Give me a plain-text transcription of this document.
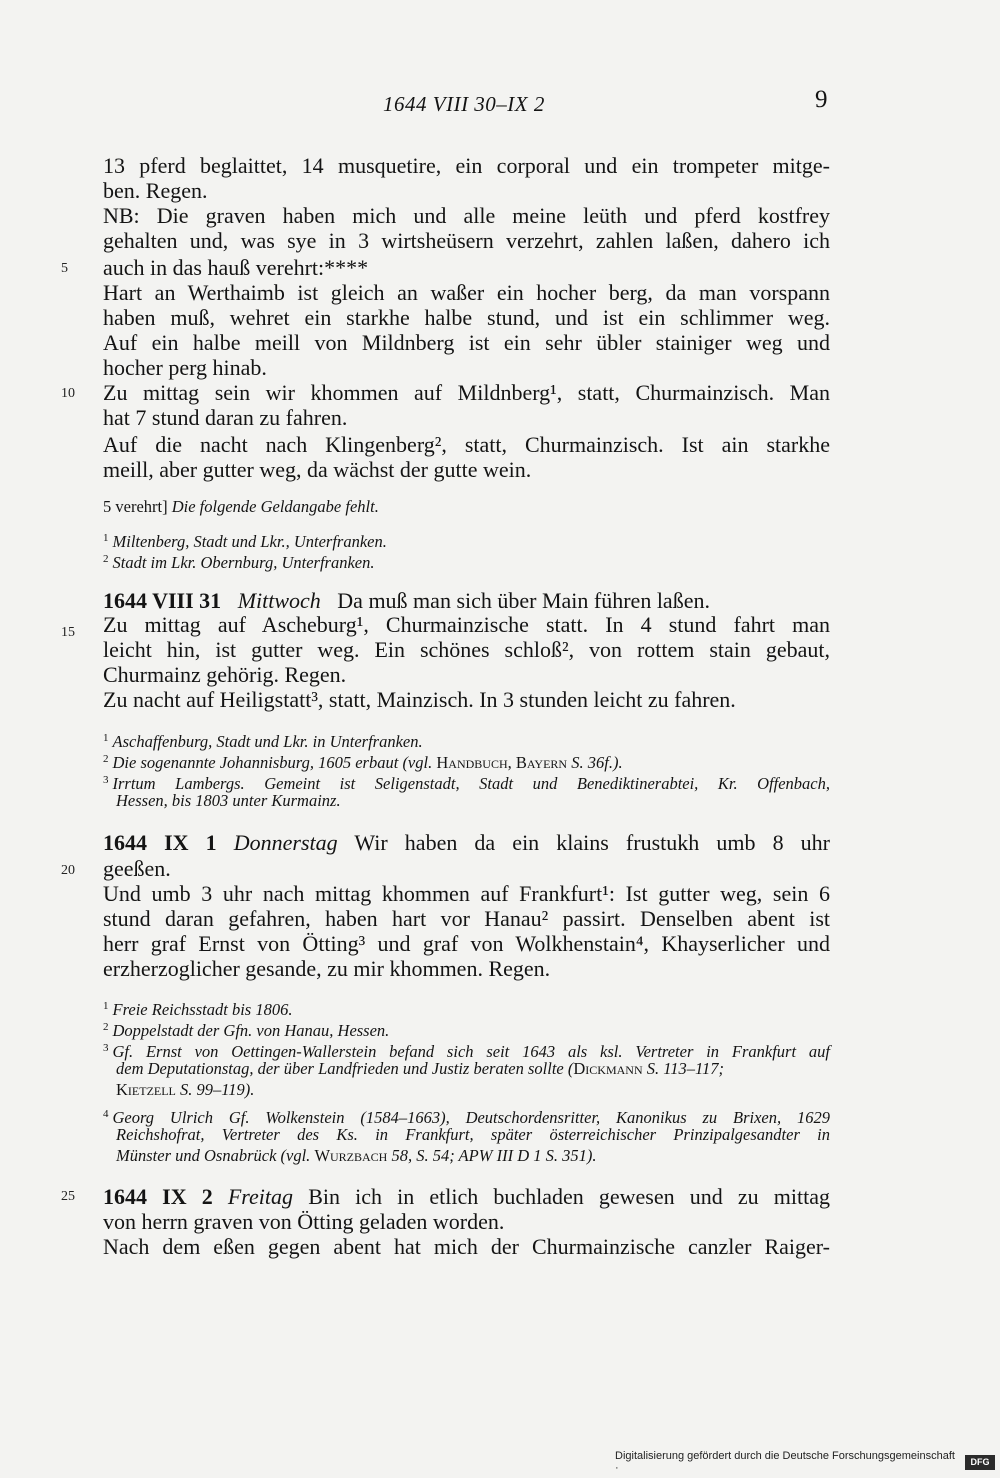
1644 VIII 30–IX 2	9
5
10
15
20
25
13 pferd beglaittet, 14 musquetire, ein corporal und ein trompeter mitge-
ben. Regen.
NB: Die graven haben mich und alle meine leüth und pferd kostfrey
gehalten und, was sye in 3 wirtsheüsern verzehrt, zahlen laßen, dahero ich
auch in das hauß verehrt:****
Hart an Werthaimb ist gleich an waßer ein hocher berg, da man vorspann
haben muß, wehret ein starkhe halbe stund, und ist ein schlimmer weg.
Auf ein halbe meill von Mildnberg ist ein sehr übler stainiger weg und
hocher perg hinab.
Zu mittag sein wir khommen auf Mildnberg¹, statt, Churmainzisch. Man
hat 7 stund daran zu fahren.
Auf die nacht nach Klingenberg², statt, Churmainzisch. Ist ain starkhe
meill, aber gutter weg, da wächst der gutte wein.
5 verehrt] Die folgende Geldangabe fehlt.
$^1$ Miltenberg, Stadt und Lkr., Unterfranken.
$^2$ Stadt im Lkr. Obernburg, Unterfranken.
1644 VIII 31 Mittwoch Da muß man sich über Main führen laßen.
Zu mittag auf Ascheburg¹, Churmainzische statt. In 4 stund fahrt man
leicht hin, ist gutter weg. Ein schönes schloß², von rottem stain gebaut,
Churmainz gehörig. Regen.
Zu nacht auf Heiligstatt³, statt, Mainzisch. In 3 stunden leicht zu fahren.
$^1$ Aschaffenburg, Stadt und Lkr. in Unterfranken.
$^2$ Die sogenannte Johannisburg, 1605 erbaut (vgl. Handbuch, Bayern S. 36f.).
$^3$ Irrtum Lambergs. Gemeint ist Seligenstadt, Stadt und Benediktinerabtei, Kr. Offenbach,
Hessen, bis 1803 unter Kurmainz.
1644 IX 1 Donnerstag Wir haben da ein klains frustukh umb 8 uhr
geeßen.
Und umb 3 uhr nach mittag khommen auf Frankfurt¹: Ist gutter weg, sein 6
stund daran gefahren, haben hart vor Hanau² passirt. Denselben abent ist
herr graf Ernst von Ötting³ und graf von Wolkhenstain⁴, Khayserlicher und
erzherzoglicher gesande, zu mir khommen. Regen.
$^1$ Freie Reichsstadt bis 1806.
$^2$ Doppelstadt der Gfn. von Hanau, Hessen.
$^3$ Gf. Ernst von Oettingen-Wallerstein befand sich seit 1643 als ksl. Vertreter in Frankfurt auf
dem Deputationstag, der über Landfrieden und Justiz beraten sollte (Dickmann S. 113–117;
Kietzell S. 99–119).
$^4$ Georg Ulrich Gf. Wolkenstein (1584–1663), Deutschordensritter, Kanonikus zu Brixen, 1629
Reichshofrat, Vertreter des Ks. in Frankfurt, später österreichischer Prinzipalgesandter in
Münster und Osnabrück (vgl. Wurzbach 58, S. 54; APW III D 1 S. 351).
1644 IX 2 Freitag Bin ich in etlich buchladen gewesen und zu mittag
von herrn graven von Ötting geladen worden.
Nach dem eßen gegen abent hat mich der Churmainzische canzler Raiger-
Digitalisierung gefördert durch die Deutsche Forschungsgemeinschaft ·	DFG
